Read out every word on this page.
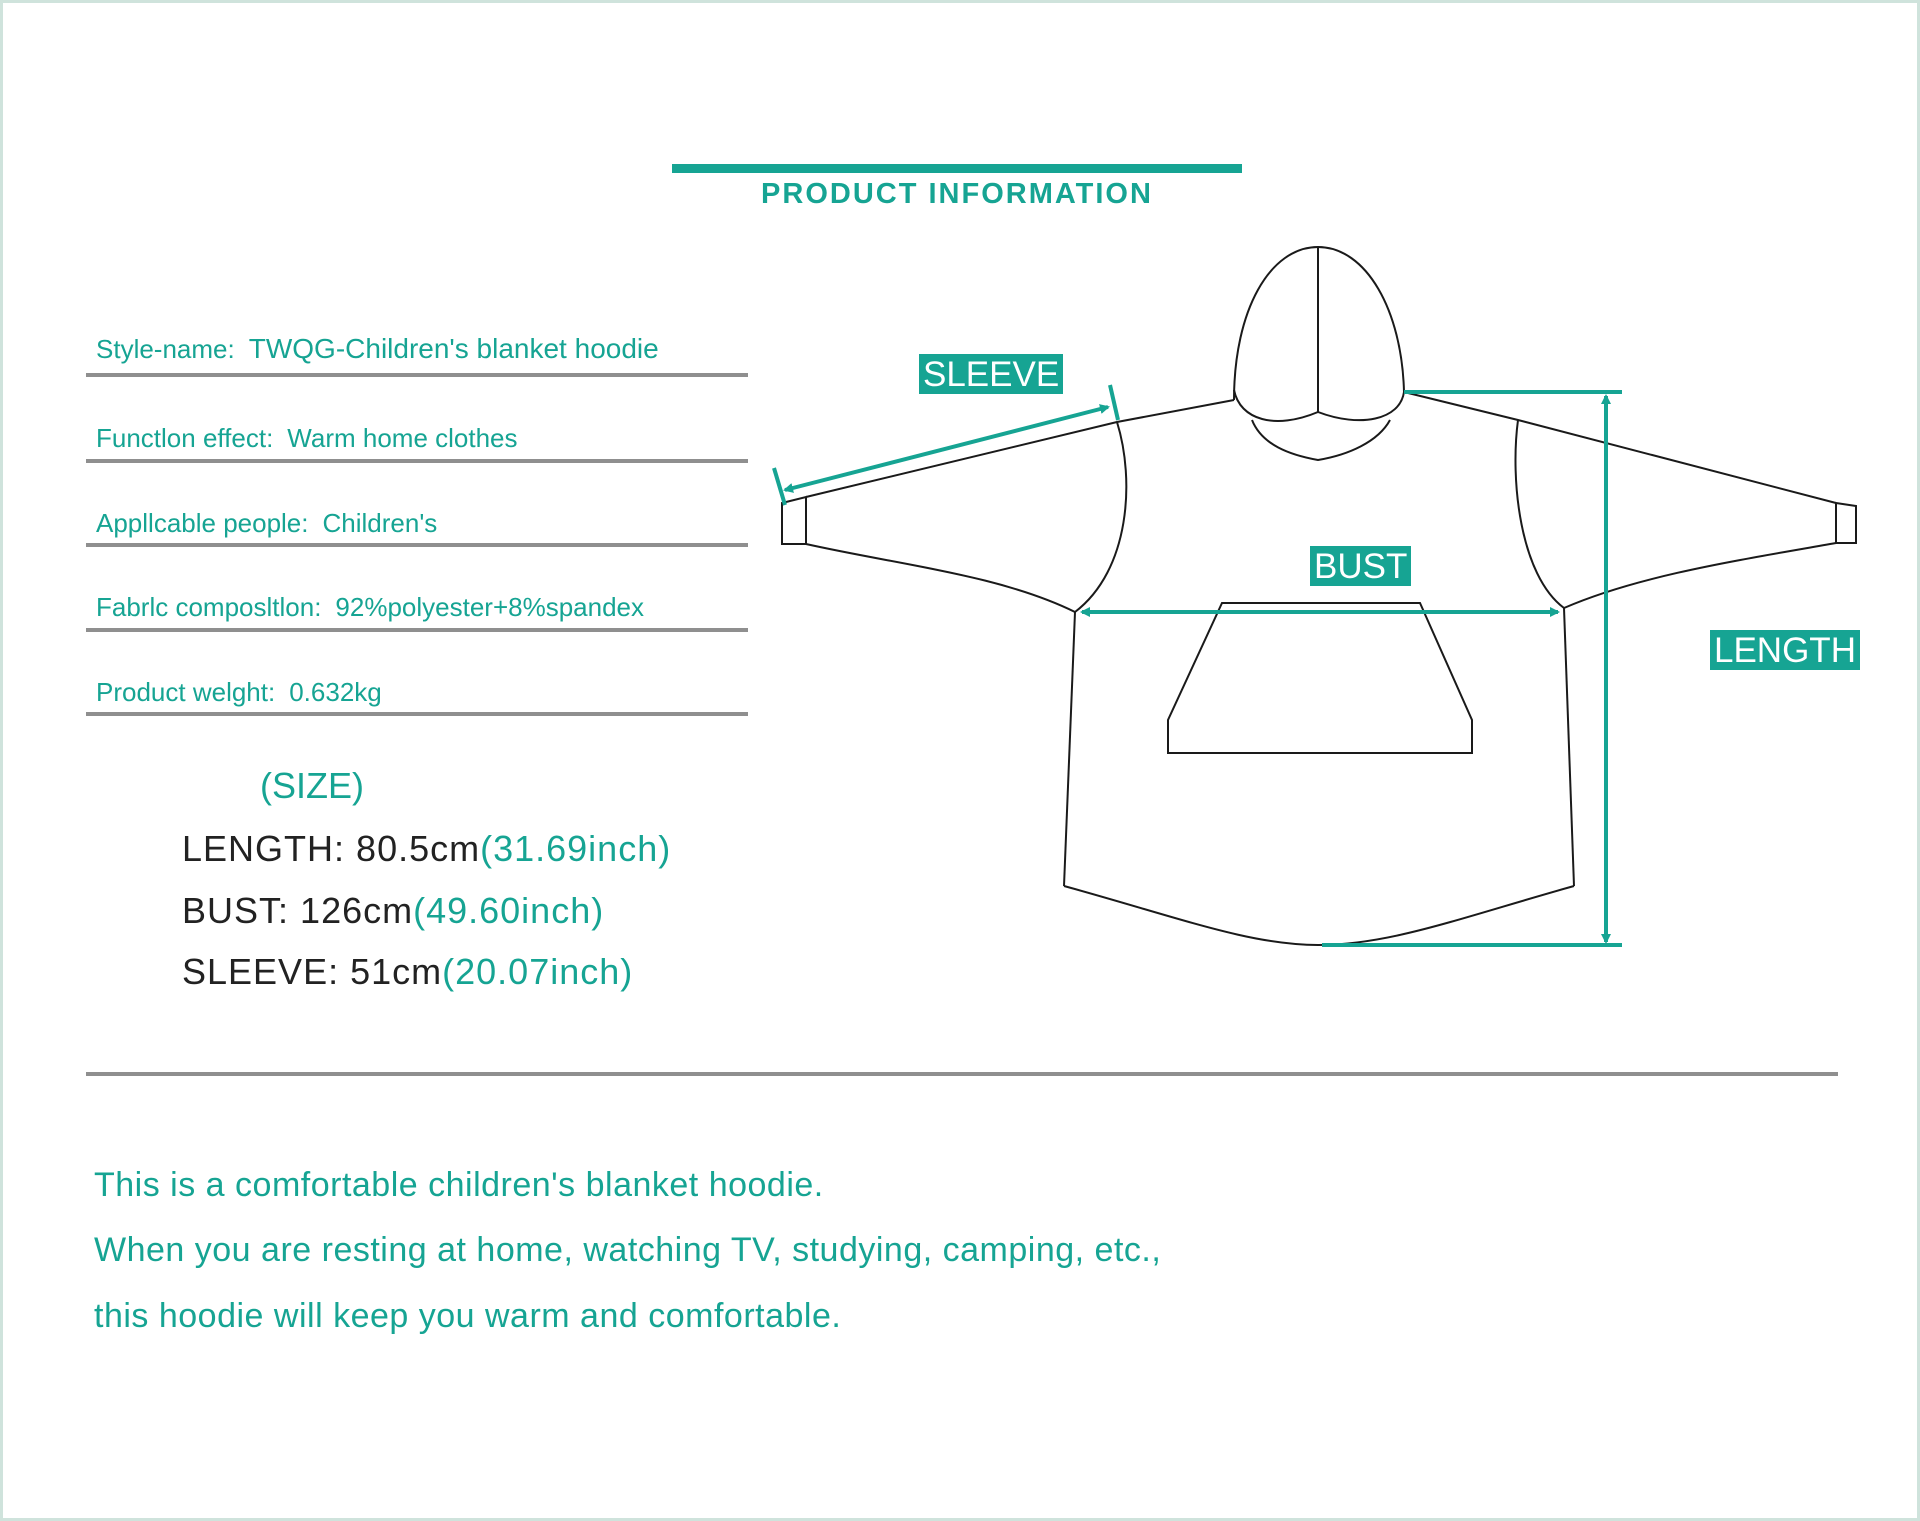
PRODUCT INFORMATION
Style-name: TWQG-Children's blanket hoodie
Functlon effect: Warm home clothes
Appllcable people: Children's
Fabrlc composltlon: 92%polyester+8%spandex
Product welght: 0.632kg
(SIZE)
LENGTH: 80.5cm(31.69inch)
BUST: 126cm(49.60inch)
SLEEVE: 51cm(20.07inch)
SLEEVE
BUST
LENGTH
This is a comfortable children's blanket hoodie.
When you are resting at home, watching TV, studying, camping, etc.,
this hoodie will keep you warm and comfortable.
